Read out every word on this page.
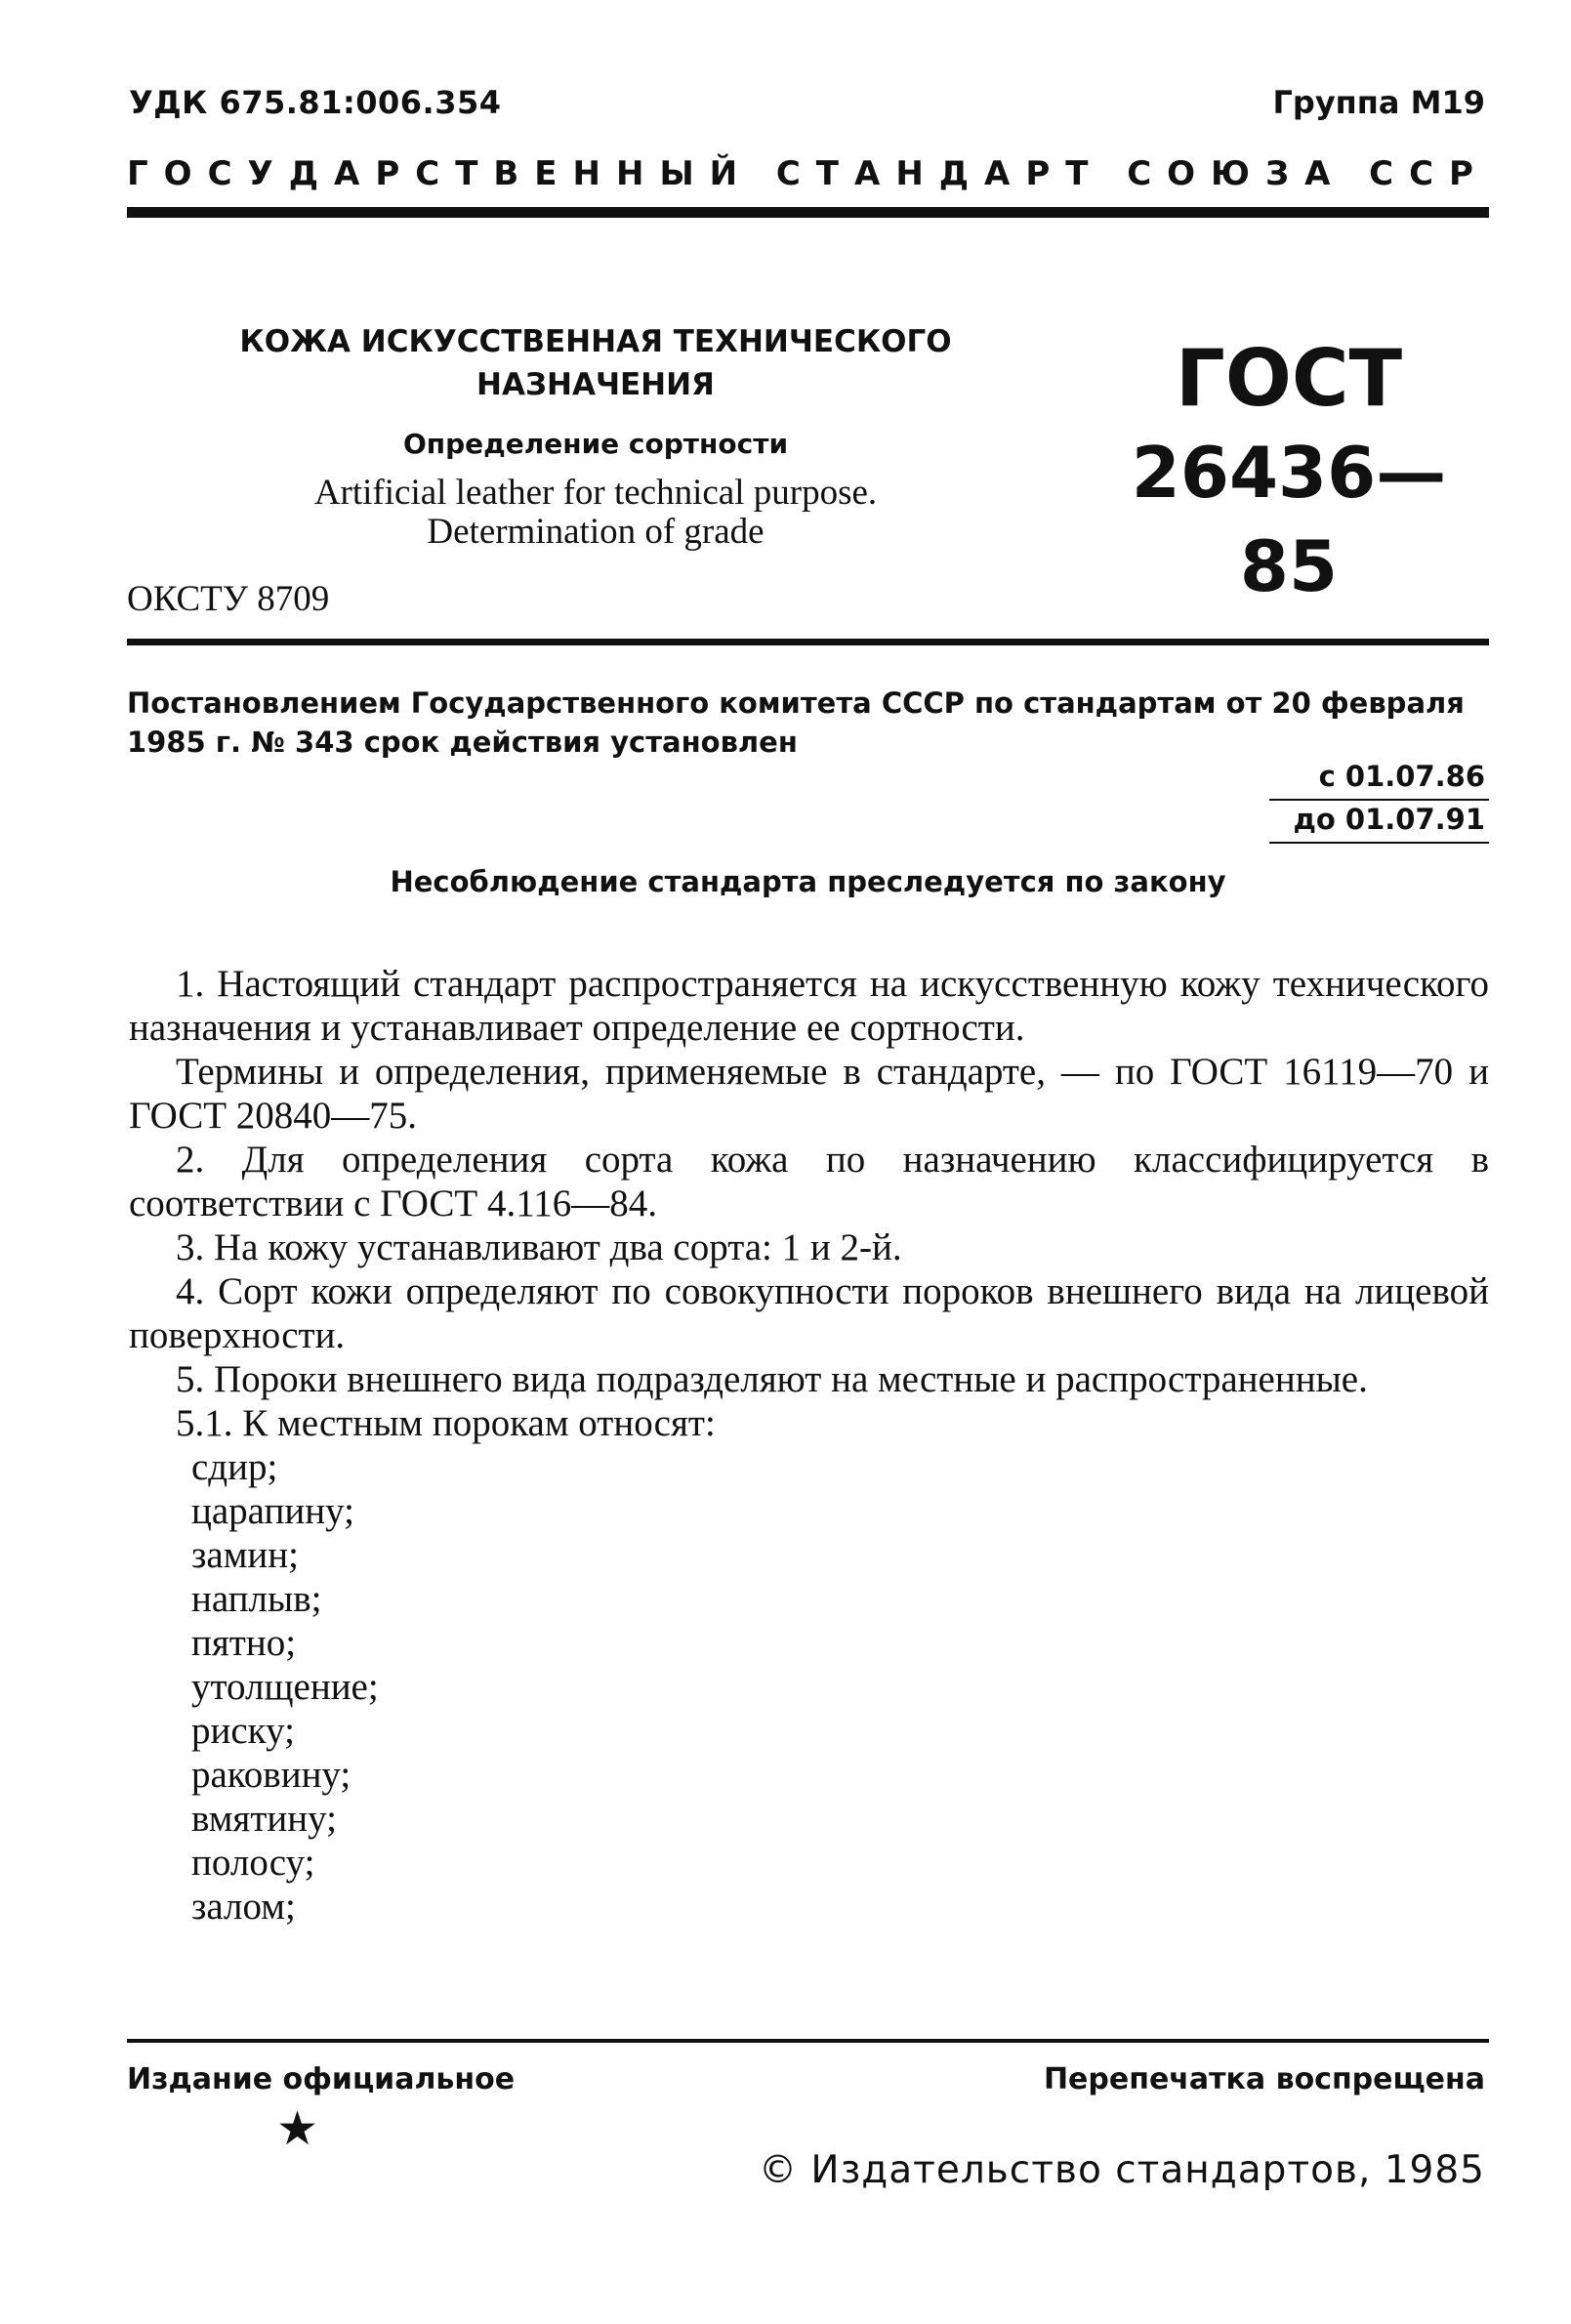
УДК 675.81:006.354	Группа М19
ГОСУДАРСТВЕННЫЙ СТАНДАРТ СОЮЗА ССР
КОЖА ИСКУССТВЕННАЯ ТЕХНИЧЕСКОГО
НАЗНАЧЕНИЯ
Определение сортности
Artificial leather for technical purpose.
Determination of grade
ГОСТ
26436—85
ОКСТУ 8709
Постановлением Государственного комитета СССР по стандартам от 20 февраля 1985 г. № 343 срок действия установлен
с 01.07.86
до 01.07.91
Несоблюдение стандарта преследуется по закону

1. Настоящий стандарт распространяется на искусственную кожу технического назначения и устанавливает определение ее сортности.

Термины и определения, применяемые в стандарте, — по ГОСТ 16119—70 и ГОСТ 20840—75.

2. Для определения сорта кожа по назначению классифицируется в соответствии с ГОСТ 4.116—84.

3. На кожу устанавливают два сорта: 1 и 2-й.

4. Сорт кожи определяют по совокупности пороков внешнего вида на лицевой поверхности.

5. Пороки внешнего вида подразделяют на местные и распространенные.

5.1. К местным порокам относят:

сдир;
царапину;
замин;
наплыв;
пятно;
утолщение;
риску;
раковину;
вмятину;
полосу;
залом;
Издание официальное	Перепечатка воспрещена
★
© Издательство стандартов, 1985
